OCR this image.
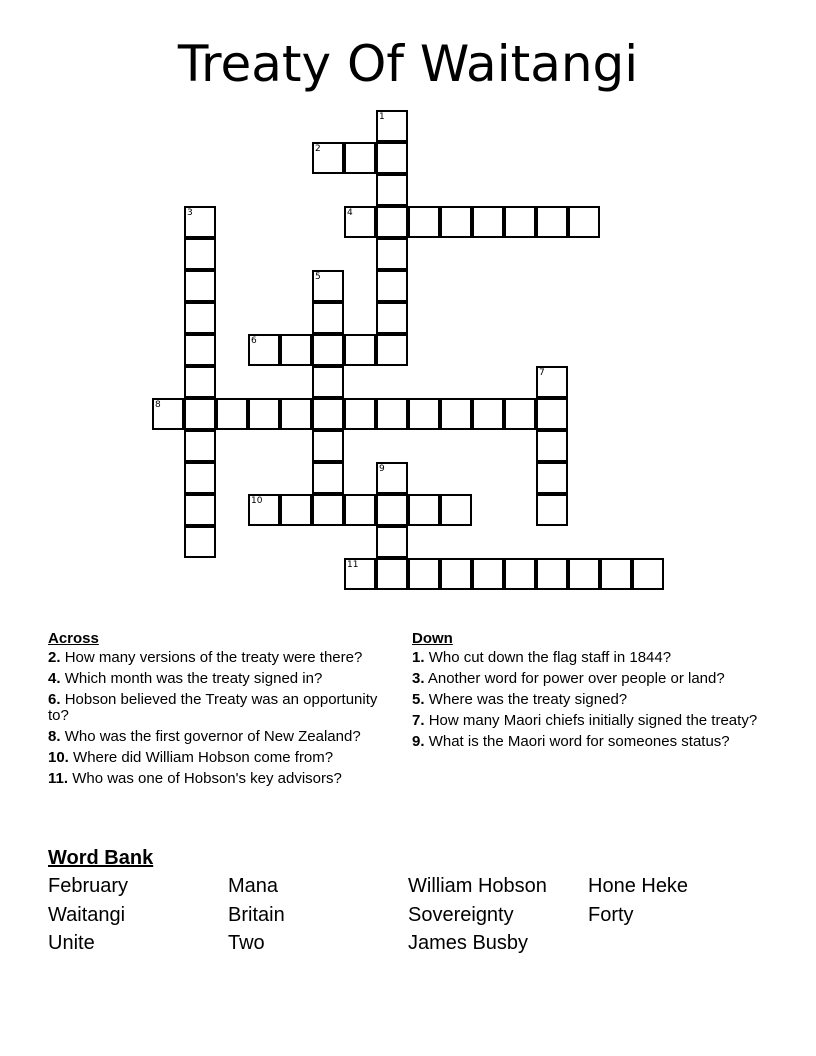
Treaty Of Waitangi
1
2
3	4
5
6
7
8
9
10
11
Across
2. How many versions of the treaty were there?
4. Which month was the treaty signed in?
6. Hobson believed the Treaty was an opportunity to?
8. Who was the first governor of New Zealand?
10. Where did William Hobson come from?
11. Who was one of Hobson's key advisors?
Down
1. Who cut down the flag staff in 1844?
3. Another word for power over people or land?
5. Where was the treaty signed?
7. How many Maori chiefs initially signed the treaty?
9. What is the Maori word for someones status?
Word Bank
February
Waitangi
Unite
Mana
Britain
Two
William Hobson
Sovereignty
James Busby
Hone Heke
Forty
